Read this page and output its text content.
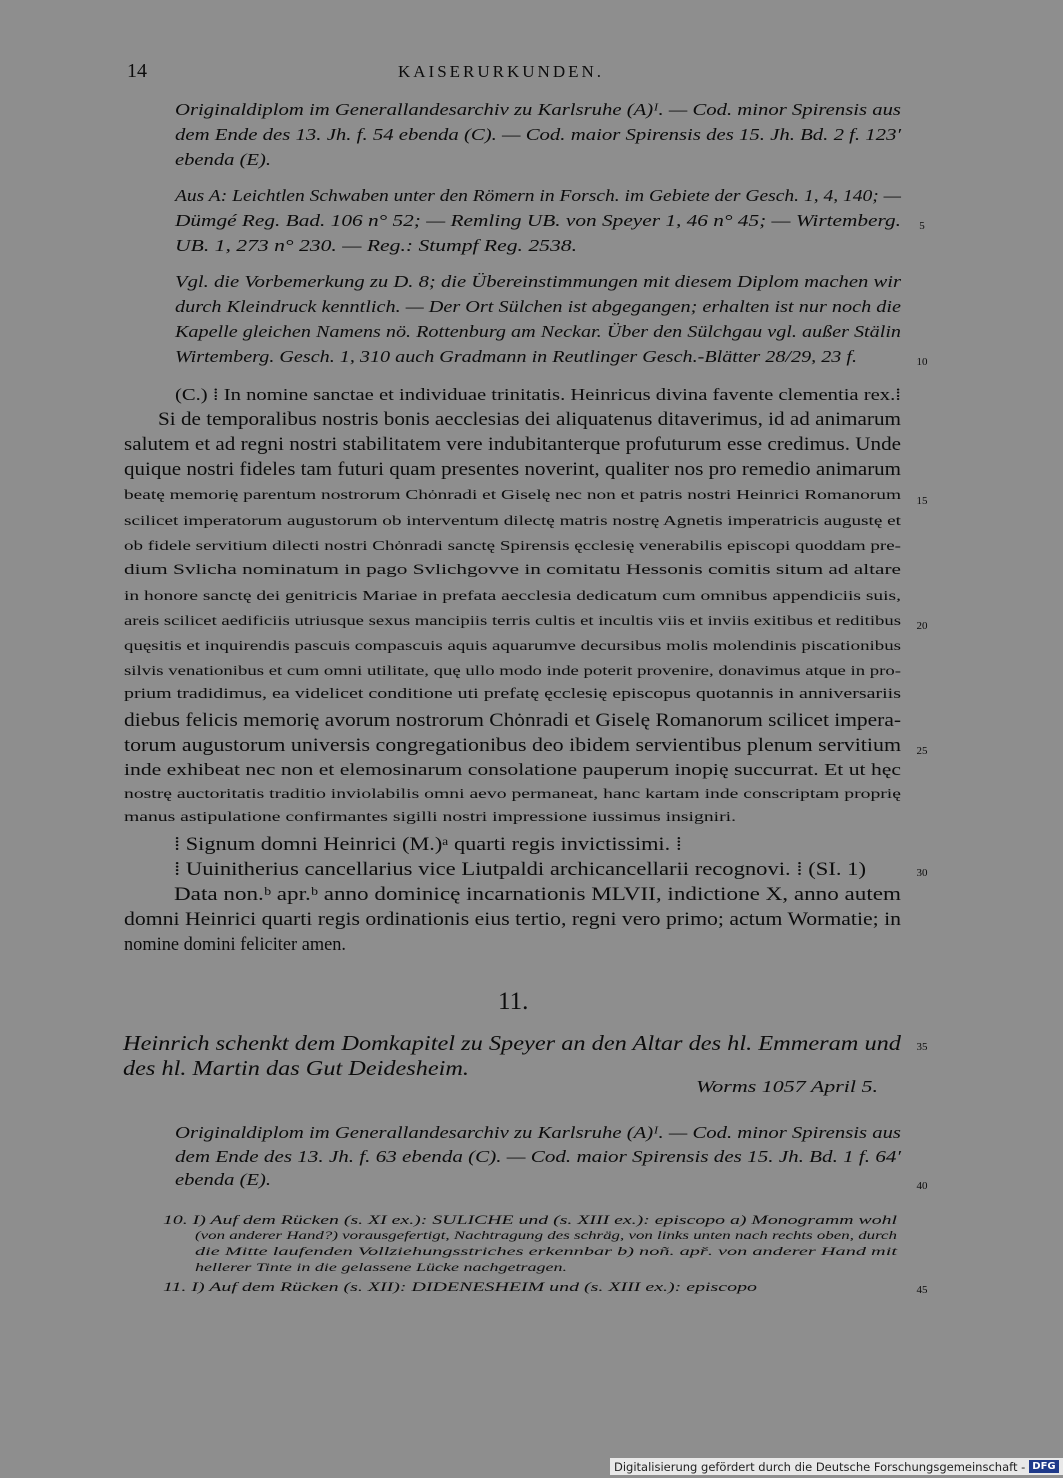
14	KAISERURKUNDEN.
Originaldiplom im Generallandesarchiv zu Karlsruhe (A)ᴵ. — Cod. minor Spirensis aus
dem Ende des 13. Jh. f. 54 ebenda (C). — Cod. maior Spirensis des 15. Jh. Bd. 2 f. 123′
ebenda (E).
Aus A: Leichtlen Schwaben unter den Römern in Forsch. im Gebiete der Gesch. 1, 4, 140; —
Dümgé Reg. Bad. 106 n° 52; — Remling UB. von Speyer 1, 46 n° 45; — Wirtemberg.
UB. 1, 273 n° 230. — Reg.: Stumpf Reg. 2538.
Vgl. die Vorbemerkung zu D. 8; die Übereinstimmungen mit diesem Diplom machen wir
durch Kleindruck kenntlich. — Der Ort Sülchen ist abgegangen; erhalten ist nur noch die
Kapelle gleichen Namens nö. Rottenburg am Neckar. Über den Sülchgau vgl. außer Stälin
Wirtemberg. Gesch. 1, 310 auch Gradmann in Reutlinger Gesch.-Blätter 28/29, 23 f.
(C.) ⁞ In nomine sanctae et individuae trinitatis. Heinricus divina favente clementia rex.⁞
Si de temporalibus nostris bonis aecclesias dei aliquatenus ditaverimus, id ad animarum
salutem et ad regni nostri stabilitatem vere indubitanterque profuturum esse credimus. Unde
quique nostri fideles tam futuri quam presentes noverint, qualiter nos pro remedio animarum
beatę memorię parentum nostrorum Chȯnradi et Giselę nec non et patris nostri Heinrici Romanorum
scilicet imperatorum augustorum ob interventum dilectę matris nostrę Agnetis imperatricis augustę et
ob fidele servitium dilecti nostri Chȯnradi sanctę Spirensis ęcclesię venerabilis episcopi quoddam pre-
dium Svlicha nominatum in pago Svlichgovve in comitatu Hessonis comitis situm ad altare
in honore sanctę dei genitricis Mariae in prefata aecclesia dedicatum cum omnibus appendiciis suis,
areis scilicet aedificiis utriusque sexus mancipiis terris cultis et incultis viis et inviis exitibus et reditibus
quęsitis et inquirendis pascuis compascuis aquis aquarumve decursibus molis molendinis piscationibus
silvis venationibus et cum omni utilitate, quę ullo modo inde poterit provenire, donavimus atque in pro-
prium tradidimus, ea videlicet conditione uti prefatę ęcclesię episcopus quotannis in anniversariis
diebus felicis memorię avorum nostrorum Chȯnradi et Giselę Romanorum scilicet impera-
torum augustorum universis congregationibus deo ibidem servientibus plenum servitium
inde exhibeat nec non et elemosinarum consolatione pauperum inopię succurrat. Et ut hęc
nostrę auctoritatis traditio inviolabilis omni aevo permaneat, hanc kartam inde conscriptam proprię
manus astipulatione confirmantes sigilli nostri impressione iussimus insigniri.
⁞ Signum domni Heinrici (M.)ᵃ quarti regis invictissimi. ⁞
⁞ Uuinitherius cancellarius vice Liutpaldi archicancellarii recognovi. ⁞ (SI. 1)
Data non.ᵇ apr.ᵇ anno dominicę incarnationis MLVII, indictione X, anno autem
domni Heinrici quarti regis ordinationis eius tertio, regni vero primo; actum Wormatie; in
nomine domini feliciter amen.
Heinrich schenkt dem Domkapitel zu Speyer an den Altar des hl. Emmeram und
des hl. Martin das Gut Deidesheim.
Worms 1057 April 5.
Originaldiplom im Generallandesarchiv zu Karlsruhe (A)ᴵ. — Cod. minor Spirensis aus
dem Ende des 13. Jh. f. 63 ebenda (C). — Cod. maior Spirensis des 15. Jh. Bd. 1 f. 64′
ebenda (E).
10. I) Auf dem Rücken (s. XI ex.): SULICHE und (s. XIII ex.): episcopo a) Monogramm wohl
(von anderer Hand?) vorausgefertigt, Nachtragung des schräg, von links unten nach rechts oben, durch
die Mitte laufenden Vollziehungsstriches erkennbar b) noñ. apř. von anderer Hand mit
hellerer Tinte in die gelassene Lücke nachgetragen.
11. I) Auf dem Rücken (s. XII): DIDENESHEIM und (s. XIII ex.): episcopo
11.
5
10
15
20
25
30
35
40
45
Digitalisierung gefördert durch die Deutsche Forschungsgemeinschaft - DFG
